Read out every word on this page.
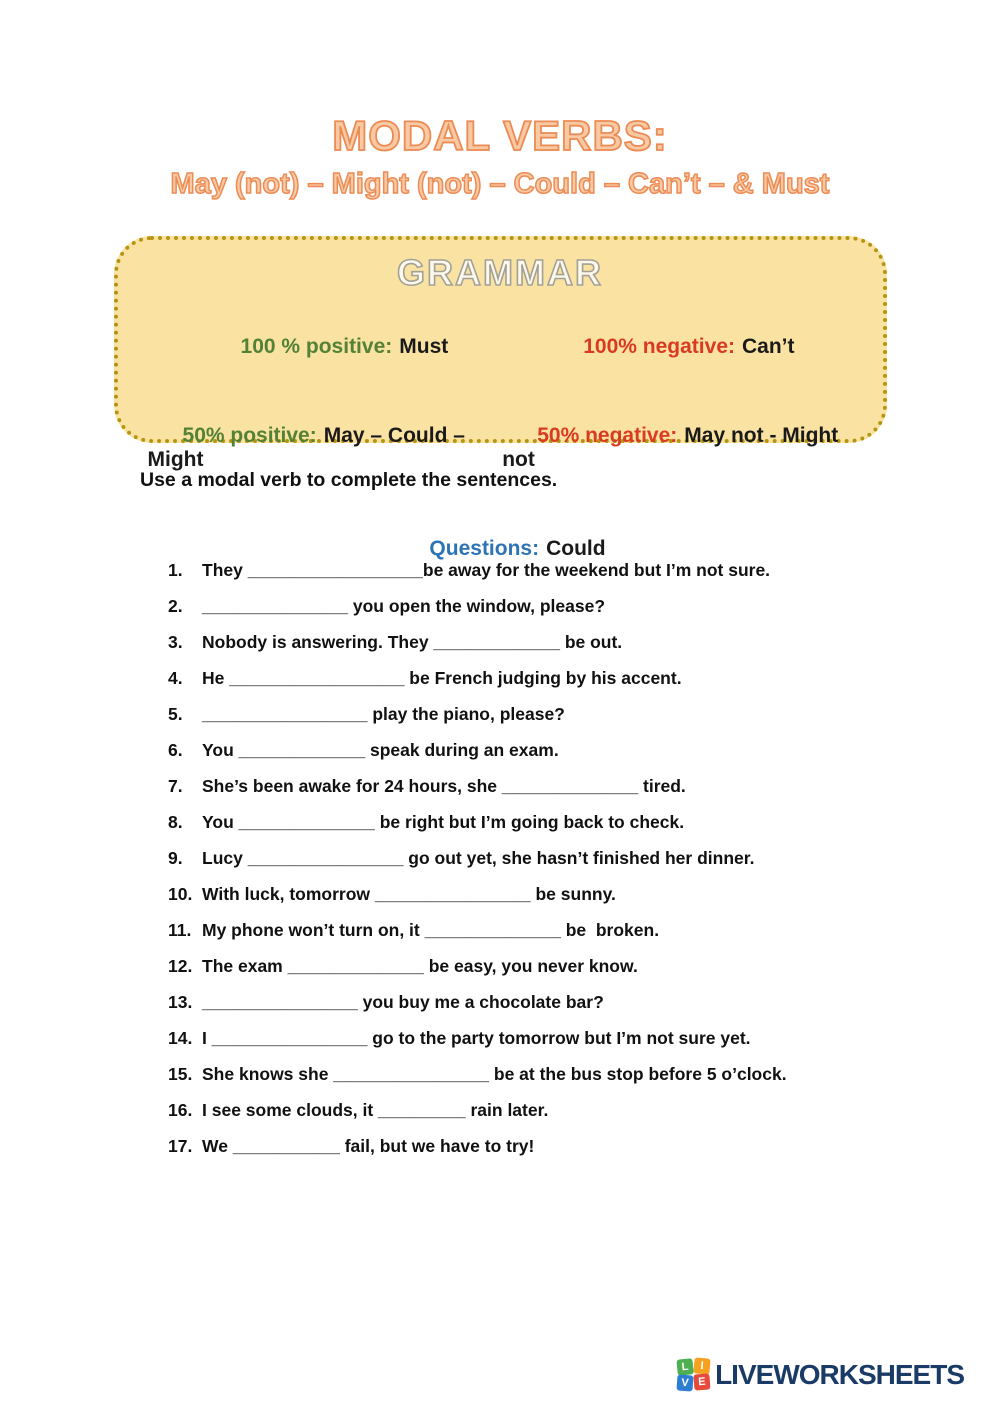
MODAL VERBS:
May (not) – Might (not) – Could – Can’t – & Must
GRAMMAR

100 % positive: Must
	100% negative: Can’t

50% positive: May – Could – Might

50% negative: May not - Might not

Questions: Could

Use a modal verb to complete the sentences.
1.	They __________________be away for the weekend but I’m not sure.
2.	_______________ you open the window, please?
3.	Nobody is answering. They _____________ be out.
4.	He __________________ be French judging by his accent.
5.	_________________ play the piano, please?
6.	You _____________ speak during an exam.
7.	She’s been awake for 24 hours, she ______________ tired.
8.	You ______________ be right but I’m going back to check.
9.	Lucy ________________ go out yet, she hasn’t finished her dinner.
10. With luck, tomorrow ________________ be sunny.
11. My phone won’t turn on, it ______________ be  broken.
12. The exam ______________ be easy, you never know.
13. ________________ you buy me a chocolate bar?
14. I ________________ go to the party tomorrow but I’m not sure yet.
15. She knows she ________________ be at the bus stop before 5 o’clock.
16. I see some clouds, it _________ rain later.
17. We ___________ fail, but we have to try!
L I
V E LIVEWORKSHEETS
